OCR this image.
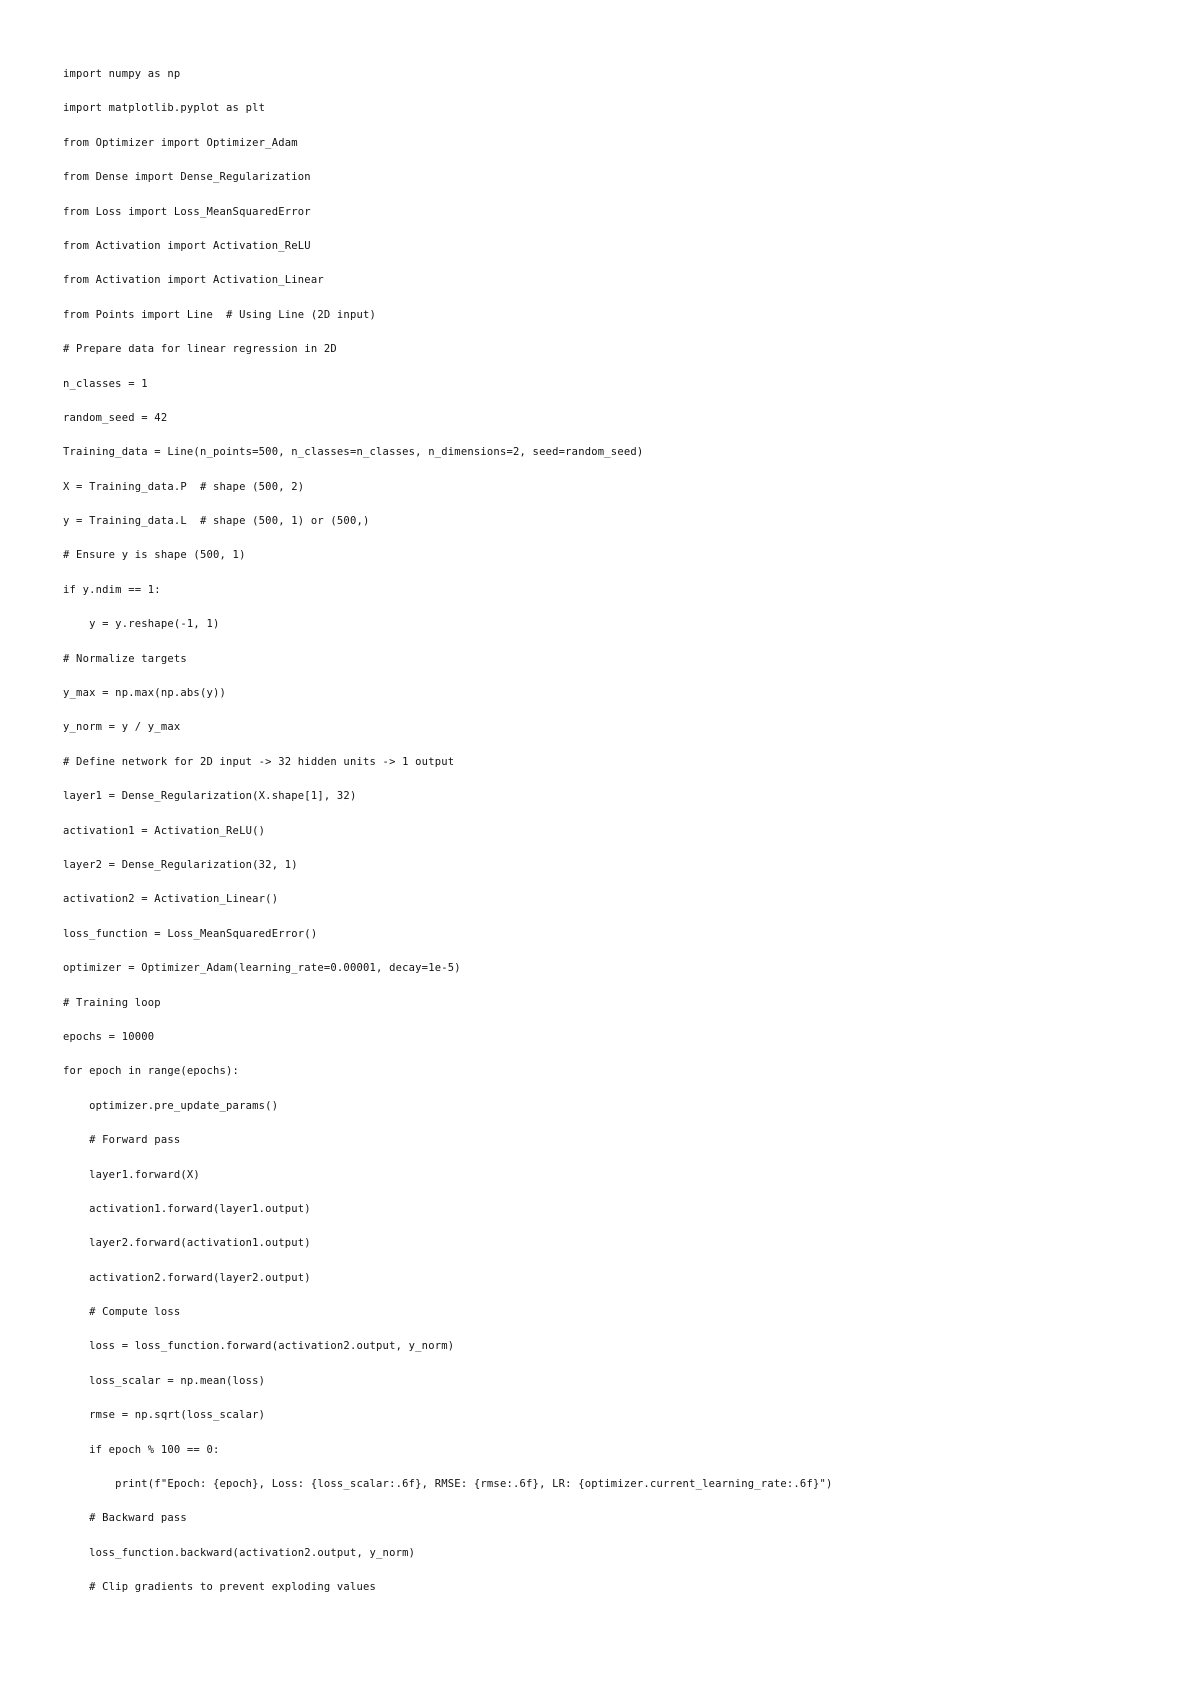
import numpy as np
import matplotlib.pyplot as plt
from Optimizer import Optimizer_Adam
from Dense import Dense_Regularization
from Loss import Loss_MeanSquaredError
from Activation import Activation_ReLU
from Activation import Activation_Linear
from Points import Line  # Using Line (2D input)
# Prepare data for linear regression in 2D
n_classes = 1
random_seed = 42
Training_data = Line(n_points=500, n_classes=n_classes, n_dimensions=2, seed=random_seed)
X = Training_data.P  # shape (500, 2)
y = Training_data.L  # shape (500, 1) or (500,)
# Ensure y is shape (500, 1)
if y.ndim == 1:
y = y.reshape(-1, 1)
# Normalize targets
y_max = np.max(np.abs(y))
y_norm = y / y_max
# Define network for 2D input -> 32 hidden units -> 1 output
layer1 = Dense_Regularization(X.shape[1], 32)
activation1 = Activation_ReLU()
layer2 = Dense_Regularization(32, 1)
activation2 = Activation_Linear()
loss_function = Loss_MeanSquaredError()
optimizer = Optimizer_Adam(learning_rate=0.00001, decay=1e-5)
# Training loop
epochs = 10000
for epoch in range(epochs):
optimizer.pre_update_params()
# Forward pass
layer1.forward(X)
activation1.forward(layer1.output)
layer2.forward(activation1.output)
activation2.forward(layer2.output)
# Compute loss
loss = loss_function.forward(activation2.output, y_norm)
loss_scalar = np.mean(loss)
rmse = np.sqrt(loss_scalar)
if epoch % 100 == 0:
print(f"Epoch: {epoch}, Loss: {loss_scalar:.6f}, RMSE: {rmse:.6f}, LR: {optimizer.current_learning_rate:.6f}")
# Backward pass
loss_function.backward(activation2.output, y_norm)
# Clip gradients to prevent exploding values
